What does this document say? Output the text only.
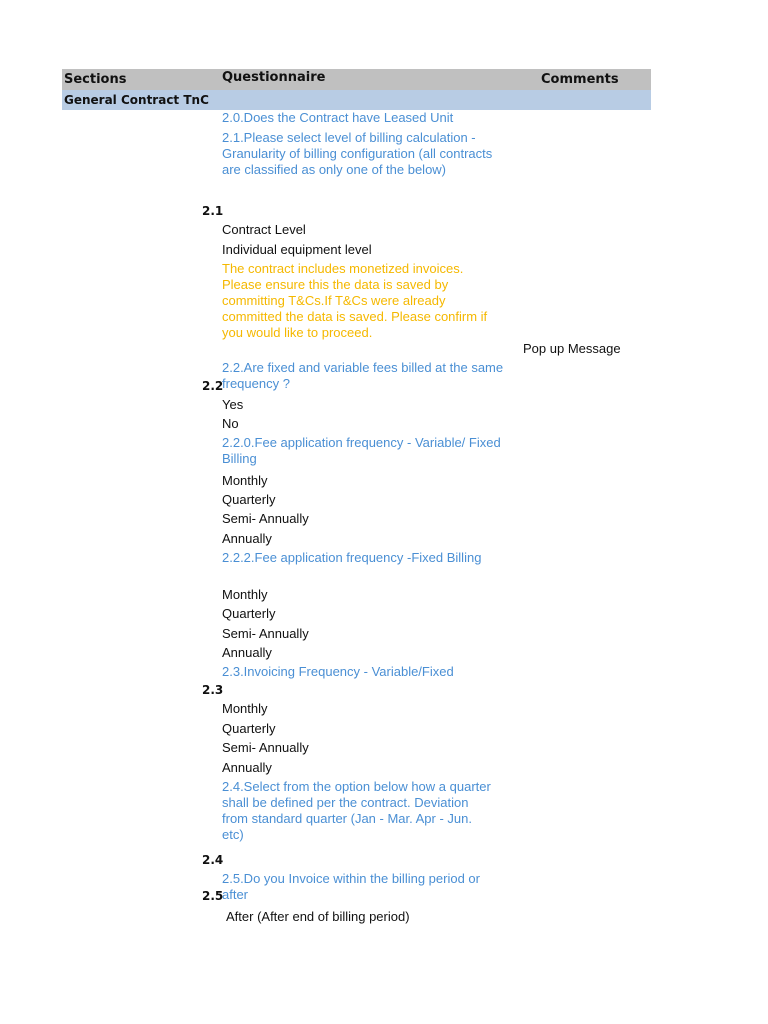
Sections	Questionnaire	Comments
General Contract TnC
2.0.Does the Contract have Leased Unit
2.1.Please select level of billing calculation - Granularity of billing configuration (all contracts are classified as only one of the below)
2.1
Contract Level
Individual equipment level
The contract includes monetized invoices. Please ensure this the data is saved by committing T&Cs.If T&Cs were already committed the data is saved. Please confirm if you would like to proceed.
Pop up Message
2.2.Are fixed and variable fees billed at the same frequency ?
2.2
Yes
No
2.2.0.Fee application frequency - Variable/ Fixed Billing
Monthly
Quarterly
Semi- Annually
Annually
2.2.2.Fee application frequency -Fixed Billing
Monthly
Quarterly
Semi- Annually
Annually
2.3.Invoicing Frequency - Variable/Fixed
2.3
Monthly
Quarterly
Semi- Annually
Annually
2.4.Select from the option below how a quarter shall be defined per the contract. Deviation from standard quarter (Jan - Mar. Apr - Jun. etc)
2.4
2.5.Do you Invoice within the billing period or after
2.5
After (After end of billing period)
